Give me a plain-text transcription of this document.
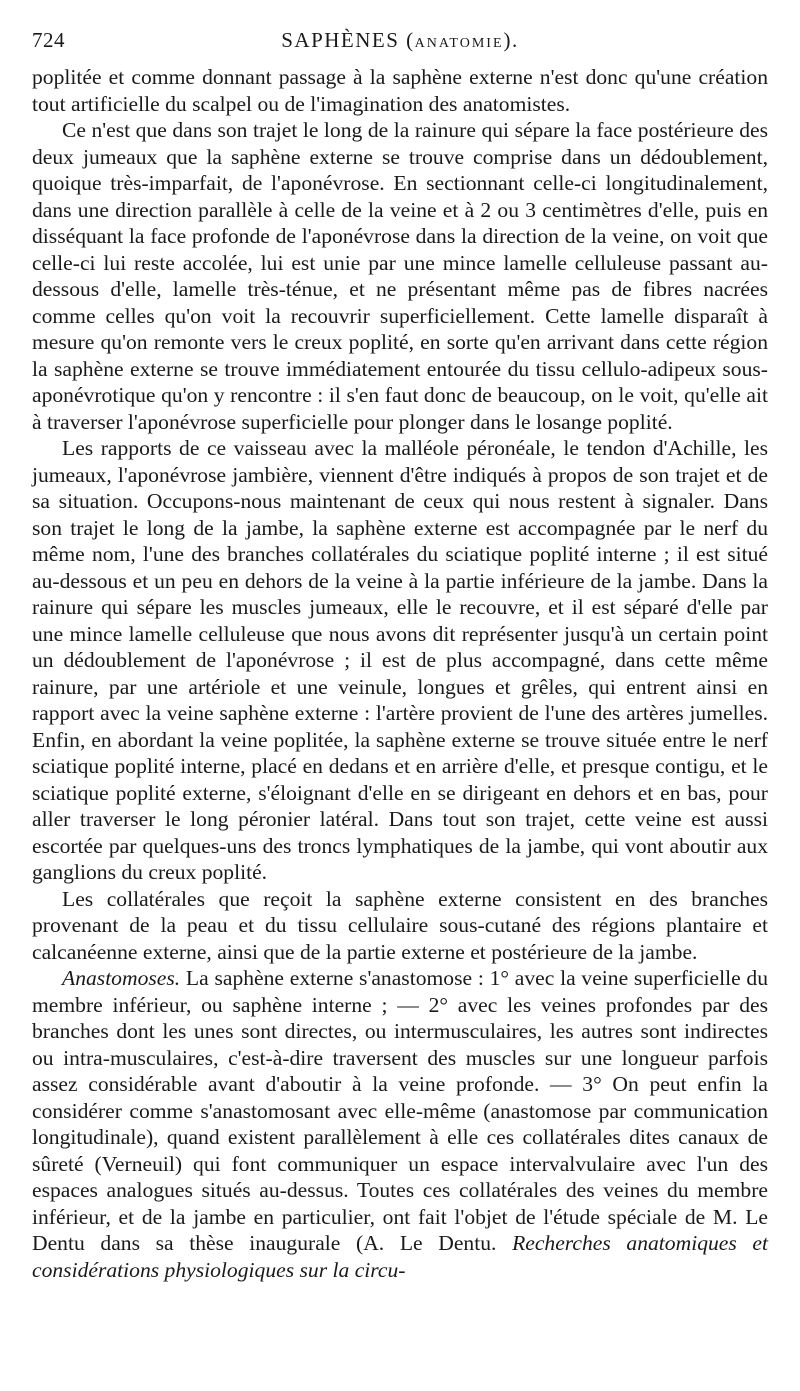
724	SAPHÈNES (ANATOMIE).

poplitée et comme donnant passage à la saphène externe n'est donc qu'une création tout artificielle du scalpel ou de l'imagination des anatomistes.

Ce n'est que dans son trajet le long de la rainure qui sépare la face postérieure des deux jumeaux que la saphène externe se trouve comprise dans un dédoublement, quoique très-imparfait, de l'aponévrose. En sectionnant celle-ci longitudinalement, dans une direction parallèle à celle de la veine et à 2 ou 3 centimètres d'elle, puis en disséquant la face profonde de l'aponévrose dans la direction de la veine, on voit que celle-ci lui reste accolée, lui est unie par une mince lamelle celluleuse passant au-dessous d'elle, lamelle très-ténue, et ne présentant même pas de fibres nacrées comme celles qu'on voit la recouvrir superficiellement. Cette lamelle disparaît à mesure qu'on remonte vers le creux poplité, en sorte qu'en arrivant dans cette région la saphène externe se trouve immédiatement entourée du tissu cellulo-adipeux sous-aponévrotique qu'on y rencontre : il s'en faut donc de beaucoup, on le voit, qu'elle ait à traverser l'aponévrose superficielle pour plonger dans le losange poplité.

Les rapports de ce vaisseau avec la malléole péronéale, le tendon d'Achille, les jumeaux, l'aponévrose jambière, viennent d'être indiqués à propos de son trajet et de sa situation. Occupons-nous maintenant de ceux qui nous restent à signaler. Dans son trajet le long de la jambe, la saphène externe est accompagnée par le nerf du même nom, l'une des branches collatérales du sciatique poplité interne ; il est situé au-dessous et un peu en dehors de la veine à la partie inférieure de la jambe. Dans la rainure qui sépare les muscles jumeaux, elle le recouvre, et il est séparé d'elle par une mince lamelle celluleuse que nous avons dit représenter jusqu'à un certain point un dédoublement de l'aponévrose ; il est de plus accompagné, dans cette même rainure, par une artériole et une veinule, longues et grêles, qui entrent ainsi en rapport avec la veine saphène externe : l'artère provient de l'une des artères jumelles. Enfin, en abordant la veine poplitée, la saphène externe se trouve située entre le nerf sciatique poplité interne, placé en dedans et en arrière d'elle, et presque contigu, et le sciatique poplité externe, s'éloignant d'elle en se dirigeant en dehors et en bas, pour aller traverser le long péronier latéral. Dans tout son trajet, cette veine est aussi escortée par quelques-uns des troncs lymphatiques de la jambe, qui vont aboutir aux ganglions du creux poplité.

Les collatérales que reçoit la saphène externe consistent en des branches provenant de la peau et du tissu cellulaire sous-cutané des régions plantaire et calcanéenne externe, ainsi que de la partie externe et postérieure de la jambe.

Anastomoses. La saphène externe s'anastomose : 1° avec la veine superficielle du membre inférieur, ou saphène interne ; — 2° avec les veines profondes par des branches dont les unes sont directes, ou intermusculaires, les autres sont indirectes ou intra-musculaires, c'est-à-dire traversent des muscles sur une longueur parfois assez considérable avant d'aboutir à la veine profonde. — 3° On peut enfin la considérer comme s'anastomosant avec elle-même (anastomose par communication longitudinale), quand existent parallèlement à elle ces collatérales dites canaux de sûreté (Verneuil) qui font communiquer un espace intervalvulaire avec l'un des espaces analogues situés au-dessus. Toutes ces collatérales des veines du membre inférieur, et de la jambe en particulier, ont fait l'objet de l'étude spéciale de M. Le Dentu dans sa thèse inaugurale (A. Le Dentu. Recherches anatomiques et considérations physiologiques sur la circu-
